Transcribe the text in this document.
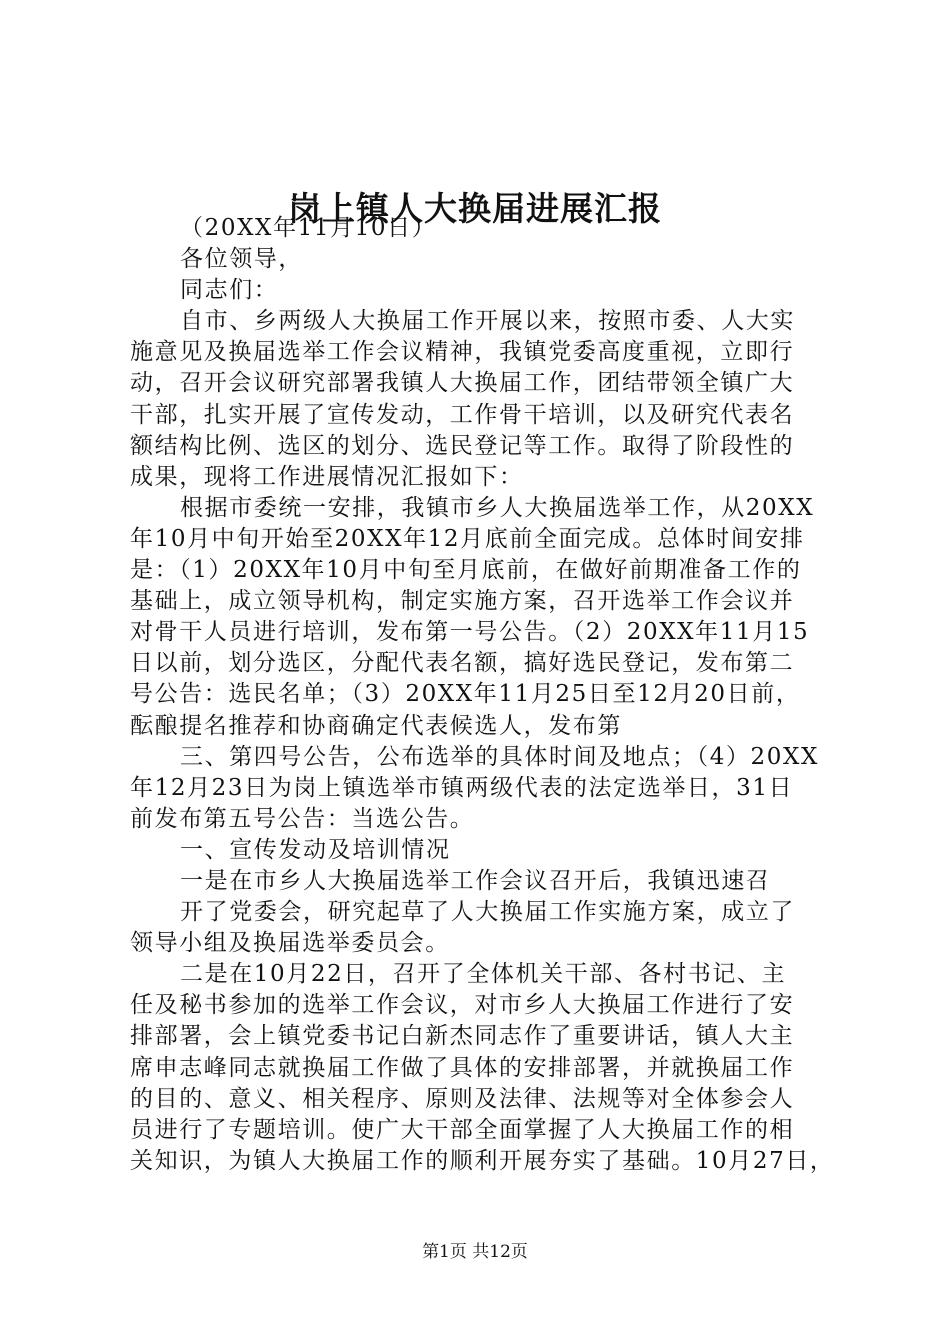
岗上镇人大换届进展汇报

（20XX年11月10日）

各位领导，

同志们：

自市、乡两级人大换届工作开展以来，按照市委、人大实

施意见及换届选举工作会议精神，我镇党委高度重视，立即行

动，召开会议研究部署我镇人大换届工作，团结带领全镇广大

干部，扎实开展了宣传发动，工作骨干培训，以及研究代表名

额结构比例、选区的划分、选民登记等工作。取得了阶段性的

成果，现将工作进展情况汇报如下：

根据市委统一安排，我镇市乡人大换届选举工作，从20XX

年10月中旬开始至20XX年12月底前全面完成。总体时间安排

是：（1）20XX年10月中旬至月底前，在做好前期准备工作的

基础上，成立领导机构，制定实施方案，召开选举工作会议并

对骨干人员进行培训，发布第一号公告。（2）20XX年11月15

日以前，划分选区，分配代表名额，搞好选民登记，发布第二

号公告：选民名单；（3）20XX年11月25日至12月20日前，

酝酿提名推荐和协商确定代表候选人，发布第

三、第四号公告，公布选举的具体时间及地点；（4）20XX

年12月23日为岗上镇选举市镇两级代表的法定选举日，31日

前发布第五号公告：当选公告。

一、宣传发动及培训情况

一是在市乡人大换届选举工作会议召开后，我镇迅速召

开了党委会，研究起草了人大换届工作实施方案，成立了

领导小组及换届选举委员会。

二是在10月22日，召开了全体机关干部、各村书记、主

任及秘书参加的选举工作会议，对市乡人大换届工作进行了安

排部署，会上镇党委书记白新杰同志作了重要讲话，镇人大主

席申志峰同志就换届工作做了具体的安排部署，并就换届工作

的目的、意义、相关程序、原则及法律、法规等对全体参会人

员进行了专题培训。使广大干部全面掌握了人大换届工作的相

关知识，为镇人大换届工作的顺利开展夯实了基础。10月27日，

第1页 共12页
